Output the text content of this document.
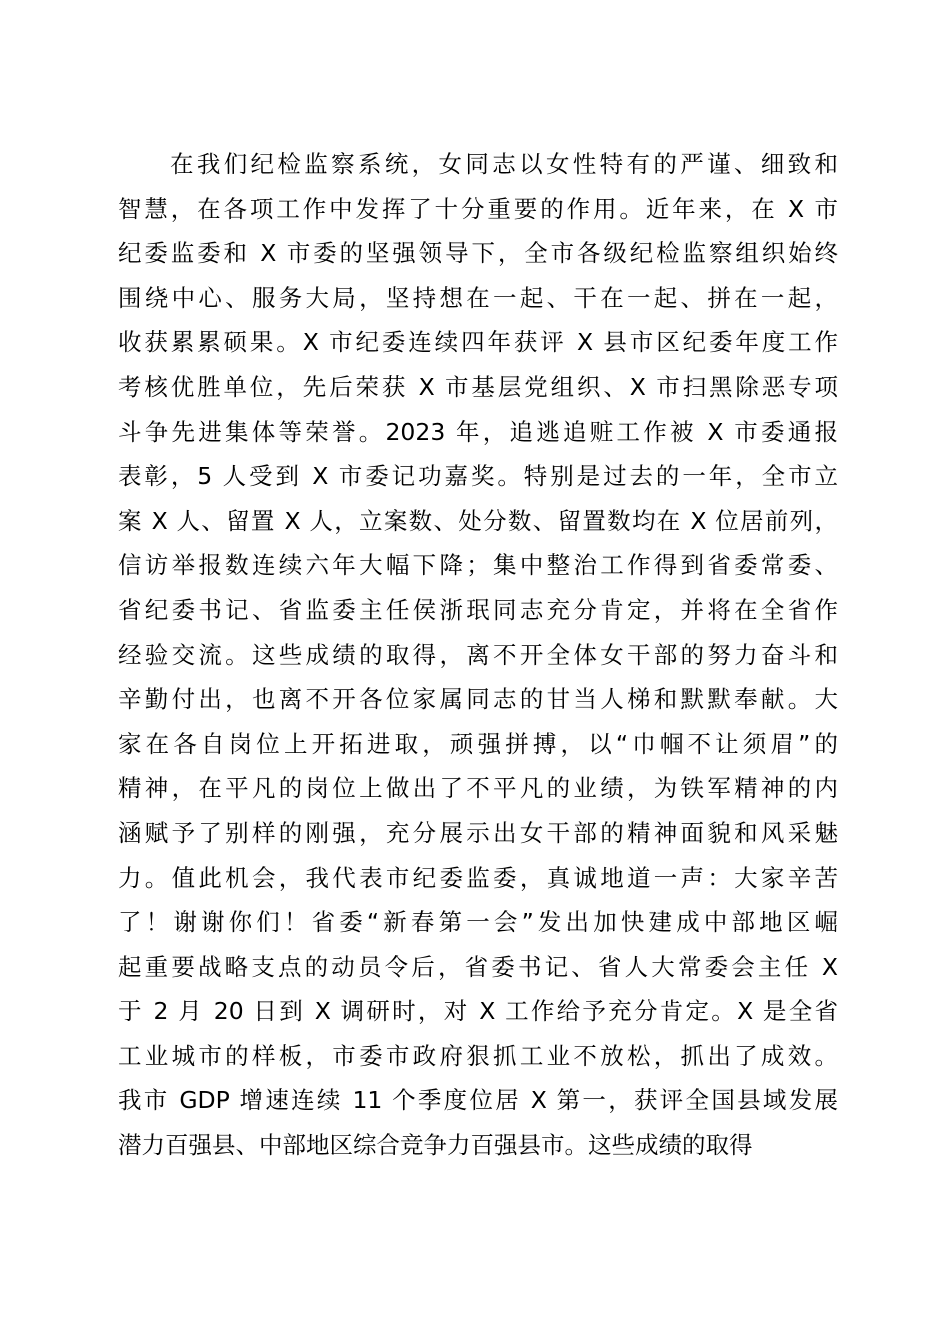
在我们纪检监察系统，女同志以女性特有的严谨、细致和
智慧，在各项工作中发挥了十分重要的作用。近年来，在 X 市
纪委监委和 X 市委的坚强领导下，全市各级纪检监察组织始终
围绕中心、服务大局，坚持想在一起、干在一起、拼在一起，
收获累累硕果。X 市纪委连续四年获评 X 县市区纪委年度工作
考核优胜单位，先后荣获 X 市基层党组织、X 市扫黑除恶专项
斗争先进集体等荣誉。2023 年，追逃追赃工作被 X 市委通报
表彰，5 人受到 X 市委记功嘉奖。特别是过去的一年，全市立
案 X 人、留置 X 人，立案数、处分数、留置数均在 X 位居前列，
信访举报数连续六年大幅下降；集中整治工作得到省委常委、
省纪委书记、省监委主任侯浙珉同志充分肯定，并将在全省作
经验交流。这些成绩的取得，离不开全体女干部的努力奋斗和
辛勤付出，也离不开各位家属同志的甘当人梯和默默奉献。大
家在各自岗位上开拓进取，顽强拼搏，以“巾帼不让须眉”的
精神，在平凡的岗位上做出了不平凡的业绩，为铁军精神的内
涵赋予了别样的刚强，充分展示出女干部的精神面貌和风采魅
力。值此机会，我代表市纪委监委，真诚地道一声：大家辛苦
了！谢谢你们！省委“新春第一会”发出加快建成中部地区崛
起重要战略支点的动员令后，省委书记、省人大常委会主任 X
于 2 月 20 日到 X 调研时，对 X 工作给予充分肯定。X 是全省
工业城市的样板，市委市政府狠抓工业不放松，抓出了成效。
我市 GDP 增速连续 11 个季度位居 X 第一，获评全国县域发展
潜力百强县、中部地区综合竞争力百强县市。这些成绩的取得
